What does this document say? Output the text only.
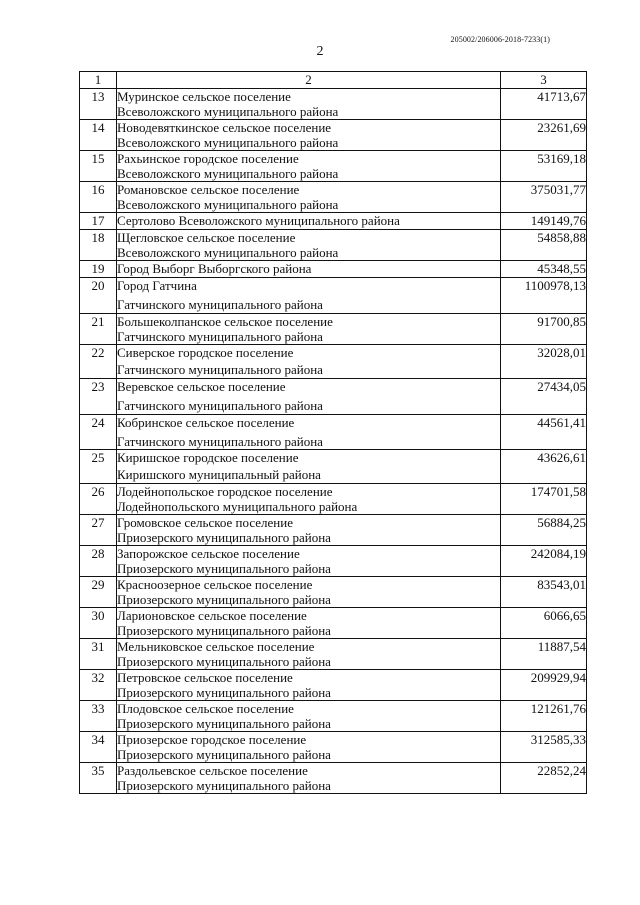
205002/206006-2018-7233(1)
2
1	2	3
13	Муринское сельское поселение
Всеволожского муниципального района	41713,67
14	Новодевяткинское сельское поселение
Всеволожского муниципального района	23261,69
15	Рахьинское городское поселение
Всеволожского муниципального района	53169,18
16	Романовское сельское поселение
Всеволожского муниципального района	375031,77
17	Сертолово Всеволожского муниципального района	149149,76
18	Щегловское сельское поселение
Всеволожского муниципального района	54858,88
19	Город Выборг Выборгского района	45348,55
20	Город Гатчина
Гатчинского муниципального района	1100978,13
21	Большеколпанское сельское поселение
Гатчинского муниципального района	91700,85
22	Сиверское городское поселение
Гатчинского муниципального района	32028,01
23	Веревское сельское поселение
Гатчинского муниципального района	27434,05
24	Кобринское сельское поселение
Гатчинского муниципального района	44561,41
25	Киришское городское поселение
Киришского муниципальный района	43626,61
26	Лодейнопольское городское поселение
Лодейнопольского муниципального района	174701,58
27	Громовское сельское поселение
Приозерского муниципального района	56884,25
28	Запорожское сельское поселение
Приозерского муниципального района	242084,19
29	Красноозерное сельское поселение
Приозерского муниципального района	83543,01
30	Ларионовское сельское поселение
Приозерского муниципального района	6066,65
31	Мельниковское сельское поселение
Приозерского муниципального района	11887,54
32	Петровское сельское поселение
Приозерского муниципального района	209929,94
33	Плодовское сельское поселение
Приозерского муниципального района	121261,76
34	Приозерское городское поселение
Приозерского муниципального района	312585,33
35	Раздольевское сельское поселение
Приозерского муниципального района	22852,24
